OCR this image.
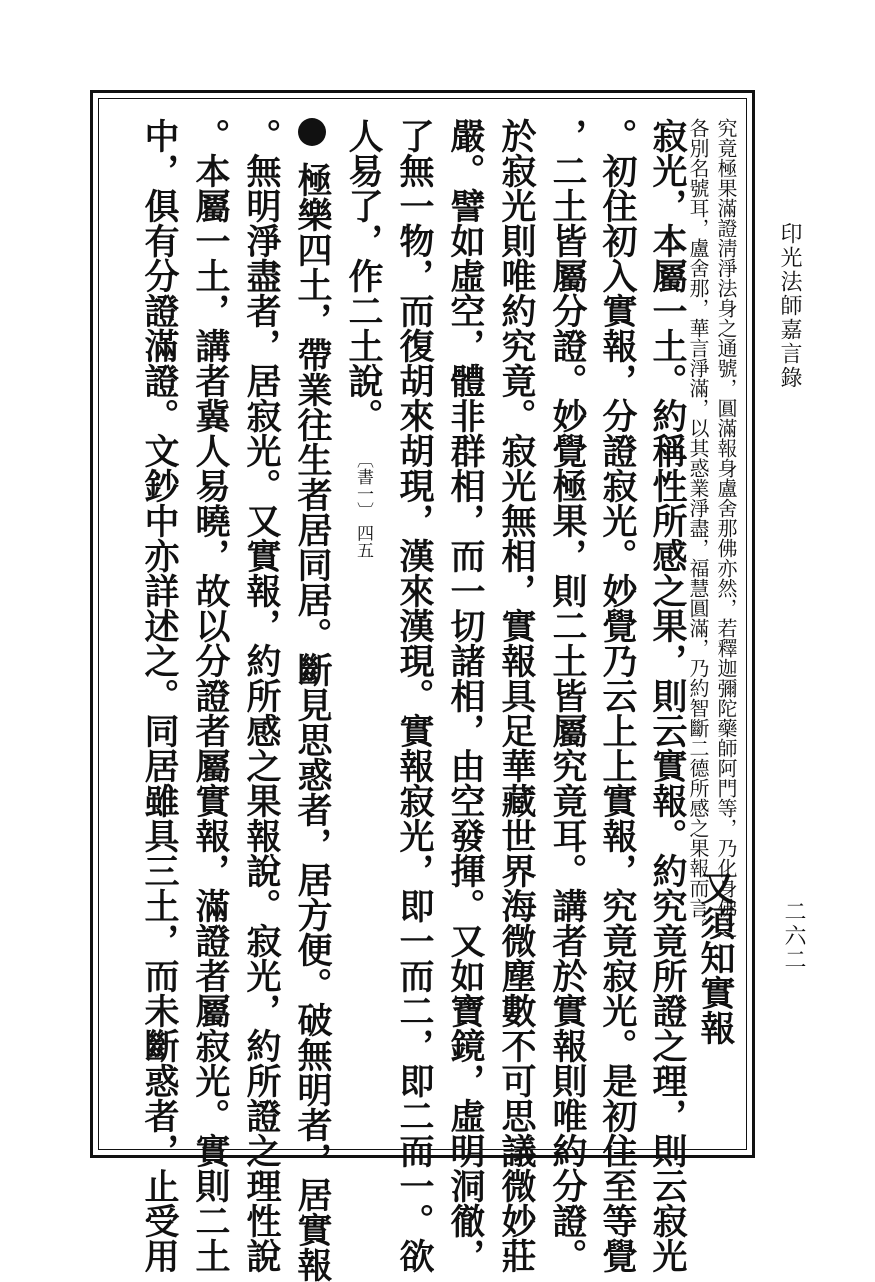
印光法師嘉言錄
二六二
究竟極果滿證淸淨法身之通號，圓滿報身盧舍那佛亦然，若釋迦彌陀藥師阿門等，乃化身佛之
各別名號耳，盧舍那，華言淨滿，以其惑業淨盡，福慧圓滿，乃約智斷二德所感之果報而言。
又須知實報
寂光，本屬一土。約稱性所感之果，則云實報。約究竟所證之理，則云寂光
。初住初入實報，分證寂光。妙覺乃云上上實報，究竟寂光。是初住至等覺
，二土皆屬分證。妙覺極果，則二土皆屬究竟耳。講者於實報則唯約分證。
於寂光則唯約究竟。寂光無相，實報具足華藏世界海微塵數不可思議微妙莊
嚴。譬如虛空，體非群相，而一切諸相，由空發揮。又如寶鏡，虛明洞徹，
了無一物，而復胡來胡現，漢來漢現。實報寂光，即一而二，即二而一。欲
人易了，作二土說。 ︹書一︺ 四五
極樂四土，帶業往生者居同居。斷見思惑者，居方便。破無明者，居實報
。無明淨盡者，居寂光。又實報，約所感之果報說。寂光，約所證之理性說
。本屬一土，講者冀人易曉，故以分證者屬實報，滿證者屬寂光。實則二土
中，俱有分證滿證。文鈔中亦詳述之。同居雖具三土，而未斷惑者，止受用
